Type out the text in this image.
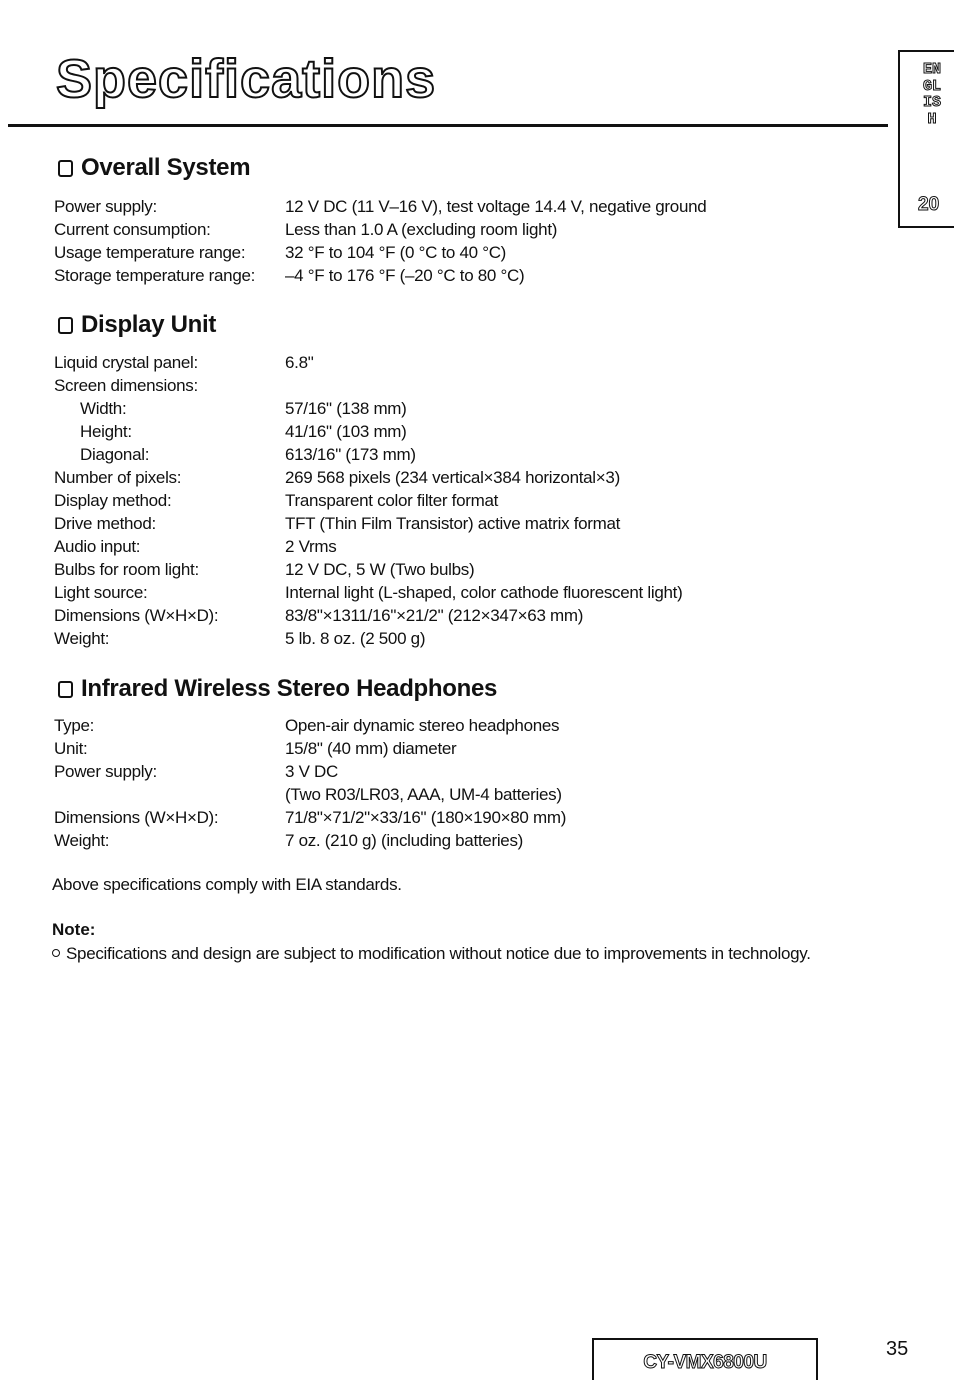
Specifications	ENGLISH
20
Overall System
Power supply:	12 V DC (11 V–16 V), test voltage 14.4 V, negative ground
Current consumption:	Less than 1.0 A (excluding room light)
Usage temperature range:	32 °F to 104 °F (0 °C to 40 °C)
Storage temperature range:	–4 °F to 176 °F (–20 °C to 80 °C)
Display Unit
Liquid crystal panel:	6.8"
Screen dimensions:
Width:	57/16" (138 mm)
Height:	41/16" (103 mm)
Diagonal:	613/16" (173 mm)
Number of pixels:	269 568 pixels (234 vertical×384 horizontal×3)
Display method:	Transparent color filter format
Drive method:	TFT (Thin Film Transistor) active matrix format
Audio input:	2 Vrms
Bulbs for room light:	12 V DC, 5 W (Two bulbs)
Light source:	Internal light (L-shaped, color cathode fluorescent light)
Dimensions (W×H×D):	83/8"×1311/16"×21/2" (212×347×63 mm)
Weight:	5 lb. 8 oz. (2 500 g)
Infrared Wireless Stereo Headphones
Type:	Open-air dynamic stereo headphones
Unit:	15/8" (40 mm) diameter
Power supply:	3 V DC
(Two R03/LR03, AAA, UM-4 batteries)
Dimensions (W×H×D):	71/8"×71/2"×33/16" (180×190×80 mm)
Weight:	7 oz. (210 g) (including batteries)
Above specifications comply with EIA standards.
Note:
Specifications and design are subject to modification without notice due to improvements in technology.
CY-VMX6800U
35
